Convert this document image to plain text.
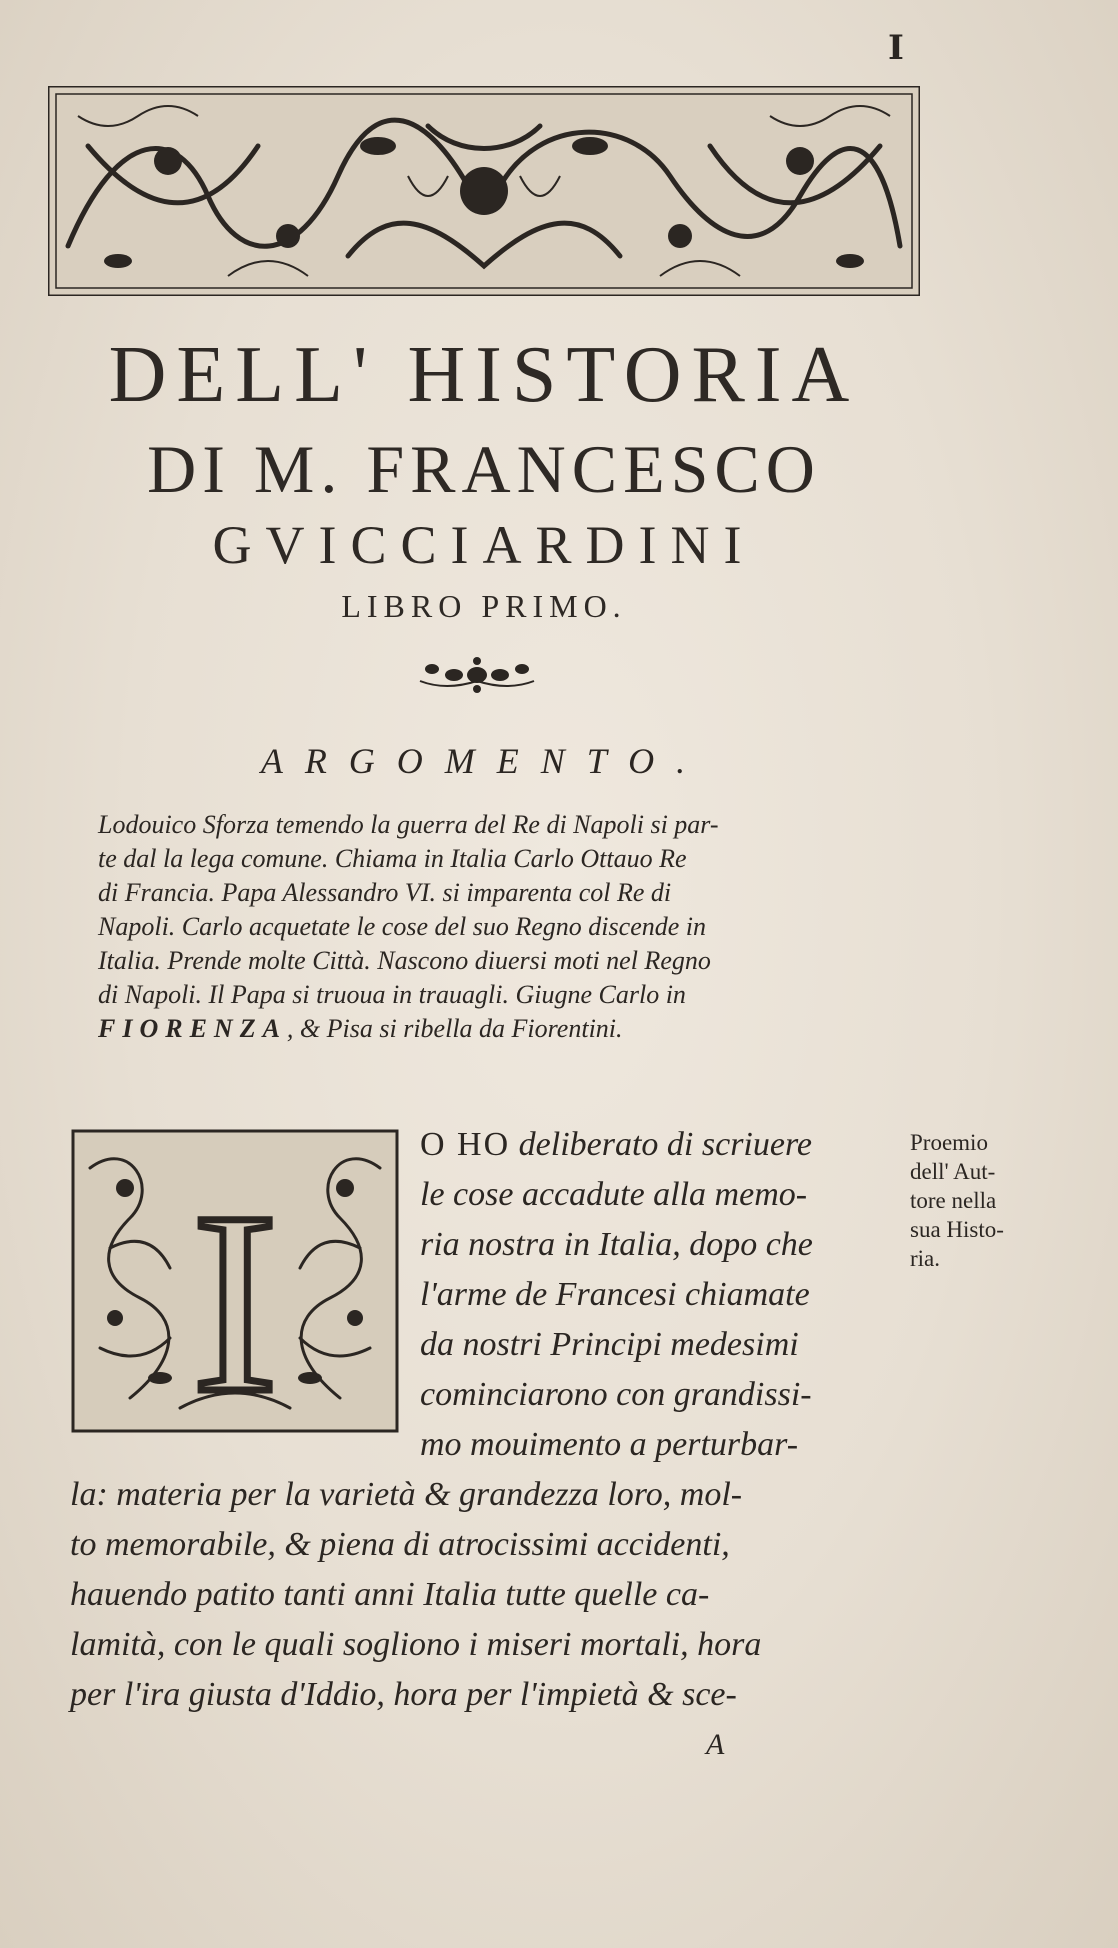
I
DELL' HISTORIA
DI M. FRANCESCO
GVICCIARDINI
LIBRO PRIMO.
ARGOMENTO.
Lodouico Sforza temendo la guerra del Re di Napoli si par-
te dal la lega comune. Chiama in Italia Carlo Ottauo Re
di Francia. Papa Alessandro VI. si imparenta col Re di
Napoli. Carlo acquetate le cose del suo Regno discende in
Italia. Prende molte Città. Nascono diuersi moti nel Regno
di Napoli. Il Papa si truoua in trauagli. Giugne Carlo in
FIORENZA, & Pisa si ribella da Fiorentini.
I
O HO deliberato di scriuere
le cose accadute alla memo-
ria nostra in Italia, dopo che
l'arme de Francesi chiamate
da nostri Principi medesimi
cominciarono con grandissi-
mo mouimento a perturbar-
la: materia per la varietà & grandezza loro, mol-
to memorabile, & piena di atrocissimi accidenti,
hauendo patito tanti anni Italia tutte quelle ca-
lamità, con le quali sogliono i miseri mortali, hora
per l'ira giusta d'Iddio, hora per l'impietà & sce-
Proemio
dell' Aut-
tore nella
sua Histo-
ria.
A
